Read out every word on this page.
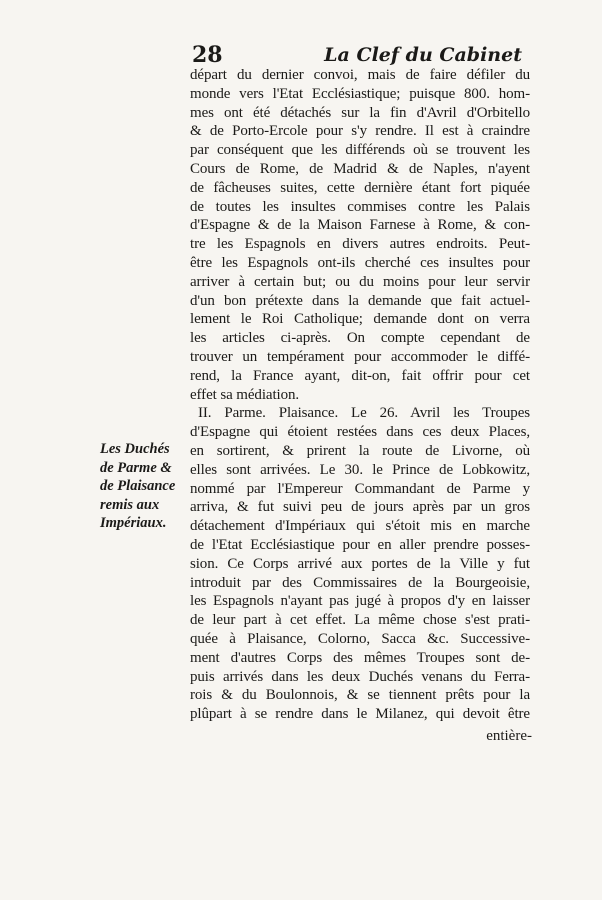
28	La Clef du Cabinet
départ du dernier convoi, mais de faire défiler du
monde vers l'Etat Ecclésiastique; puisque 800. hom-
mes ont été détachés sur la fin d'Avril d'Orbitello
& de Porto-Ercole pour s'y rendre. Il est à craindre
par conséquent que les différends où se trouvent les
Cours de Rome, de Madrid & de Naples, n'ayent
de fâcheuses suites, cette dernière étant fort piquée
de toutes les insultes commises contre les Palais
d'Espagne & de la Maison Farnese à Rome, & con-
tre les Espagnols en divers autres endroits. Peut-
être les Espagnols ont-ils cherché ces insultes pour
arriver à certain but; ou du moins pour leur servir
d'un bon prétexte dans la demande que fait actuel-
lement le Roi Catholique; demande dont on verra
les articles ci-après. On compte cependant de
trouver un tempérament pour accommoder le diffé-
rend, la France ayant, dit-on, fait offrir pour cet
effet sa médiation.
II. Parme. Plaisance. Le 26. Avril les Troupes
d'Espagne qui étoient restées dans ces deux Places,
en sortirent, & prirent la route de Livorne, où
elles sont arrivées. Le 30. le Prince de Lobkowitz,
nommé par l'Empereur Commandant de Parme y
arriva, & fut suivi peu de jours après par un gros
détachement d'Impériaux qui s'étoit mis en marche
de l'Etat Ecclésiastique pour en aller prendre posses-
sion. Ce Corps arrivé aux portes de la Ville y fut
introduit par des Commissaires de la Bourgeoisie,
les Espagnols n'ayant pas jugé à propos d'y en laisser
de leur part à cet effet. La même chose s'est prati-
quée à Plaisance, Colorno, Sacca &c. Successive-
ment d'autres Corps des mêmes Troupes sont de-
puis arrivés dans les deux Duchés venans du Ferra-
rois & du Boulonnois, & se tiennent prêts pour la
plûpart à se rendre dans le Milanez, qui devoit être
Les Duchés
de Parme &
de Plaisance
remis aux
Impériaux.
entière-
